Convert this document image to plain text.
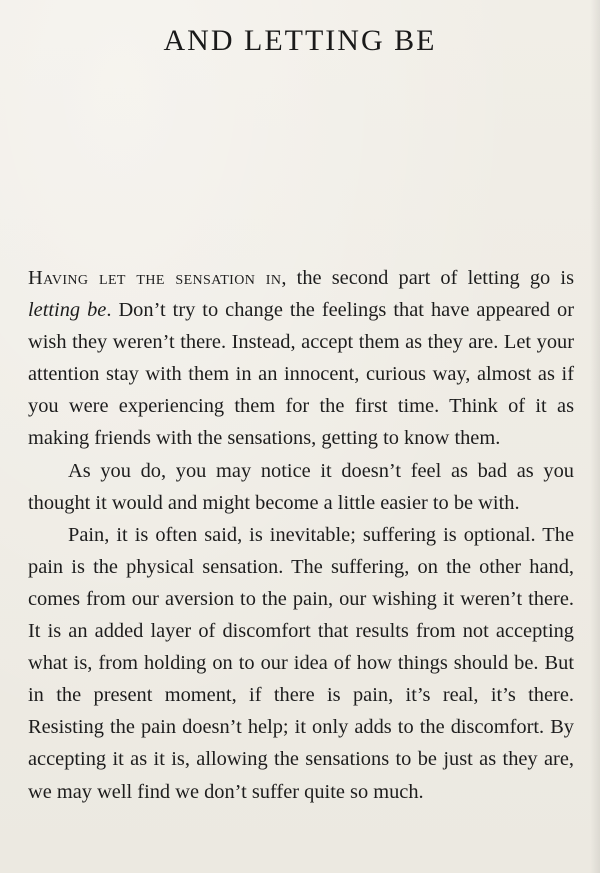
AND LETTING BE

Having let the sensation in, the second part of letting go is letting be. Don’t try to change the feelings that have appeared or wish they weren’t there. Instead, accept them as they are. Let your attention stay with them in an innocent, curious way, almost as if you were experiencing them for the first time. Think of it as making friends with the sensations, getting to know them.

As you do, you may notice it doesn’t feel as bad as you thought it would and might become a little easier to be with.

Pain, it is often said, is inevitable; suffering is optional. The pain is the physical sensation. The suffering, on the other hand, comes from our aversion to the pain, our wishing it weren’t there. It is an added layer of discomfort that results from not accepting what is, from holding on to our idea of how things should be. But in the present moment, if there is pain, it’s real, it’s there. Resisting the pain doesn’t help; it only adds to the discomfort. By accepting it as it is, allowing the sensations to be just as they are, we may well find we don’t suffer quite so much.
